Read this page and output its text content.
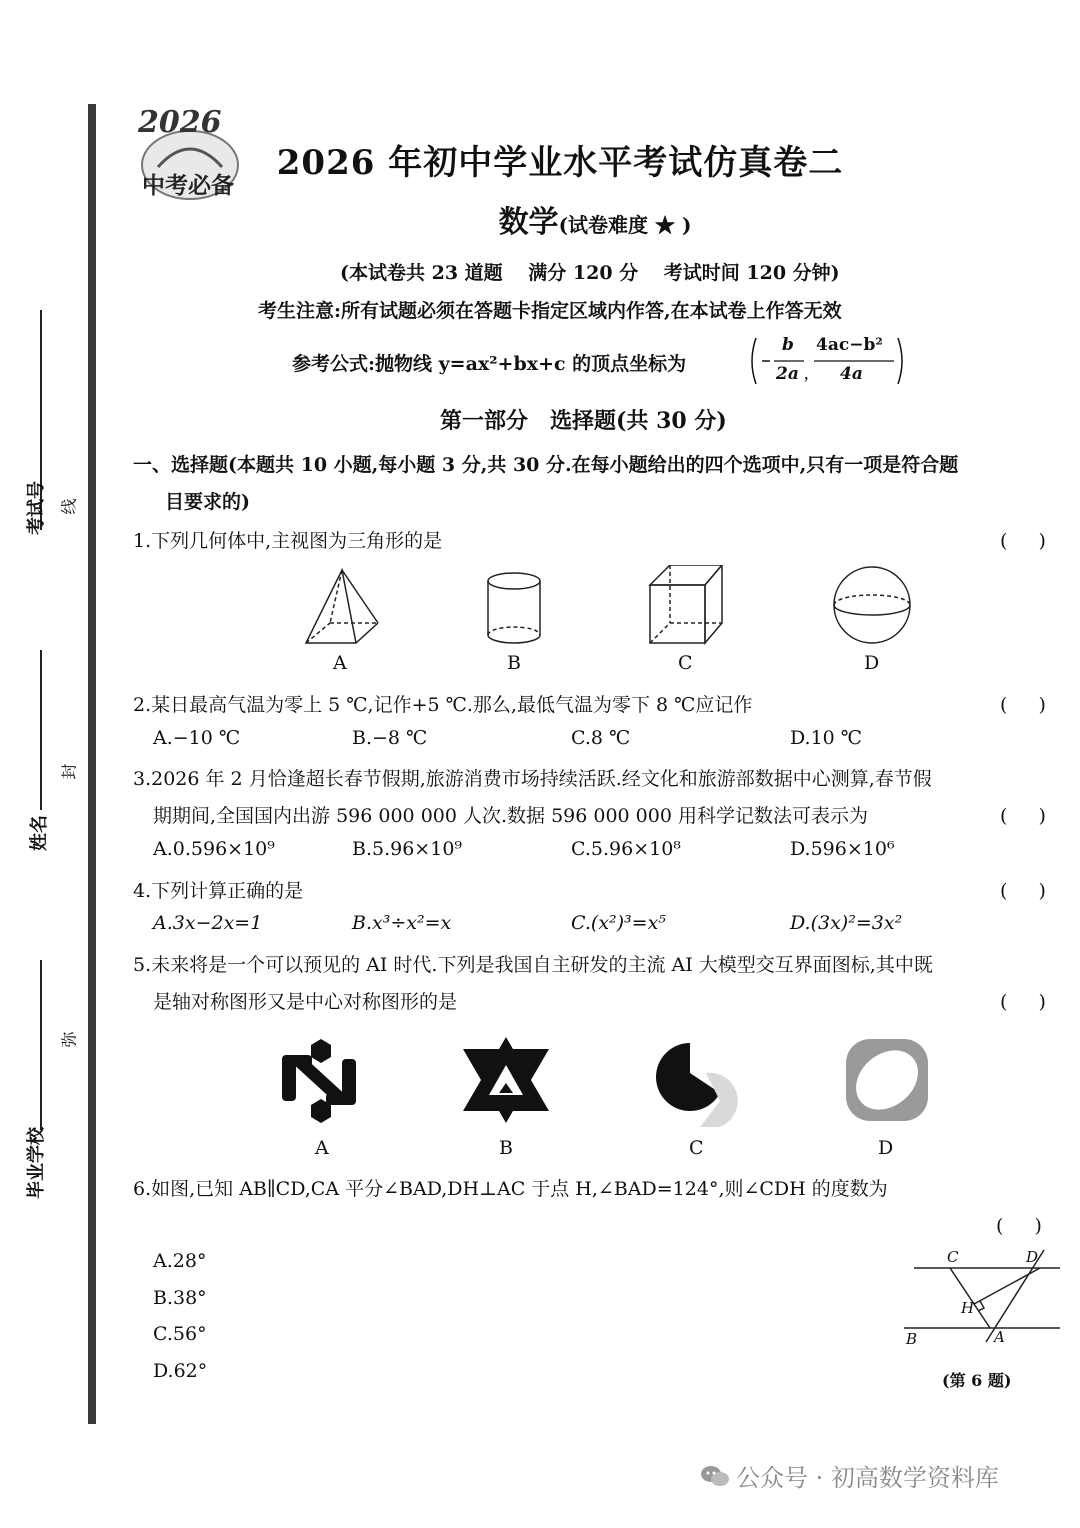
考试号
姓名
毕业学校
线
封
弥
2026
中考必备
2026 年初中学业水平考试仿真卷二
数学(试卷难度 ★ )
(本试卷共 23 道题　 满分 120 分　 考试时间 120 分钟)
考生注意:所有试题必须在答题卡指定区域内作答,在本试卷上作答无效
参考公式:抛物线 y=ax²+bx+c 的顶点坐标为	,
b
2a
4ac−b²
4a
第一部分　选择题(共 30 分)
一、选择题(本题共 10 小题,每小题 3 分,共 30 分.在每小题给出的四个选项中,只有一项是符合题
目要求的)
1.下列几何体中,主视图为三角形的是	(　 )
A	B	C	D
2.某日最高气温为零上 5 ℃,记作+5 ℃.那么,最低气温为零下 8 ℃应记作	(　 )
A.−10 ℃	B.−8 ℃	C.8 ℃	D.10 ℃
3.2026 年 2 月恰逢超长春节假期,旅游消费市场持续活跃.经文化和旅游部数据中心测算,春节假
期期间,全国国内出游 596 000 000 人次.数据 596 000 000 用科学记数法可表示为	(　 )
A.0.596×10⁹	B.5.96×10⁹	C.5.96×10⁸	D.596×10⁶
4.下列计算正确的是	(　 )
A.3x−2x=1	B.x³÷x²=x	C.(x²)³=x⁵	D.(3x)²=3x²
5.未来将是一个可以预见的 AI 时代.下列是我国自主研发的主流 AI 大模型交互界面图标,其中既
是轴对称图形又是中心对称图形的是	(　 )
A	B	C	D
6.如图,已知 AB∥CD,CA 平分∠BAD,DH⊥AC 于点 H,∠BAD=124°,则∠CDH 的度数为
(　 )
A.28°
B.38°
C.56°
D.62°
C	D
H
B	A
(第 6 题)
公众号 · 初高数学资料库
